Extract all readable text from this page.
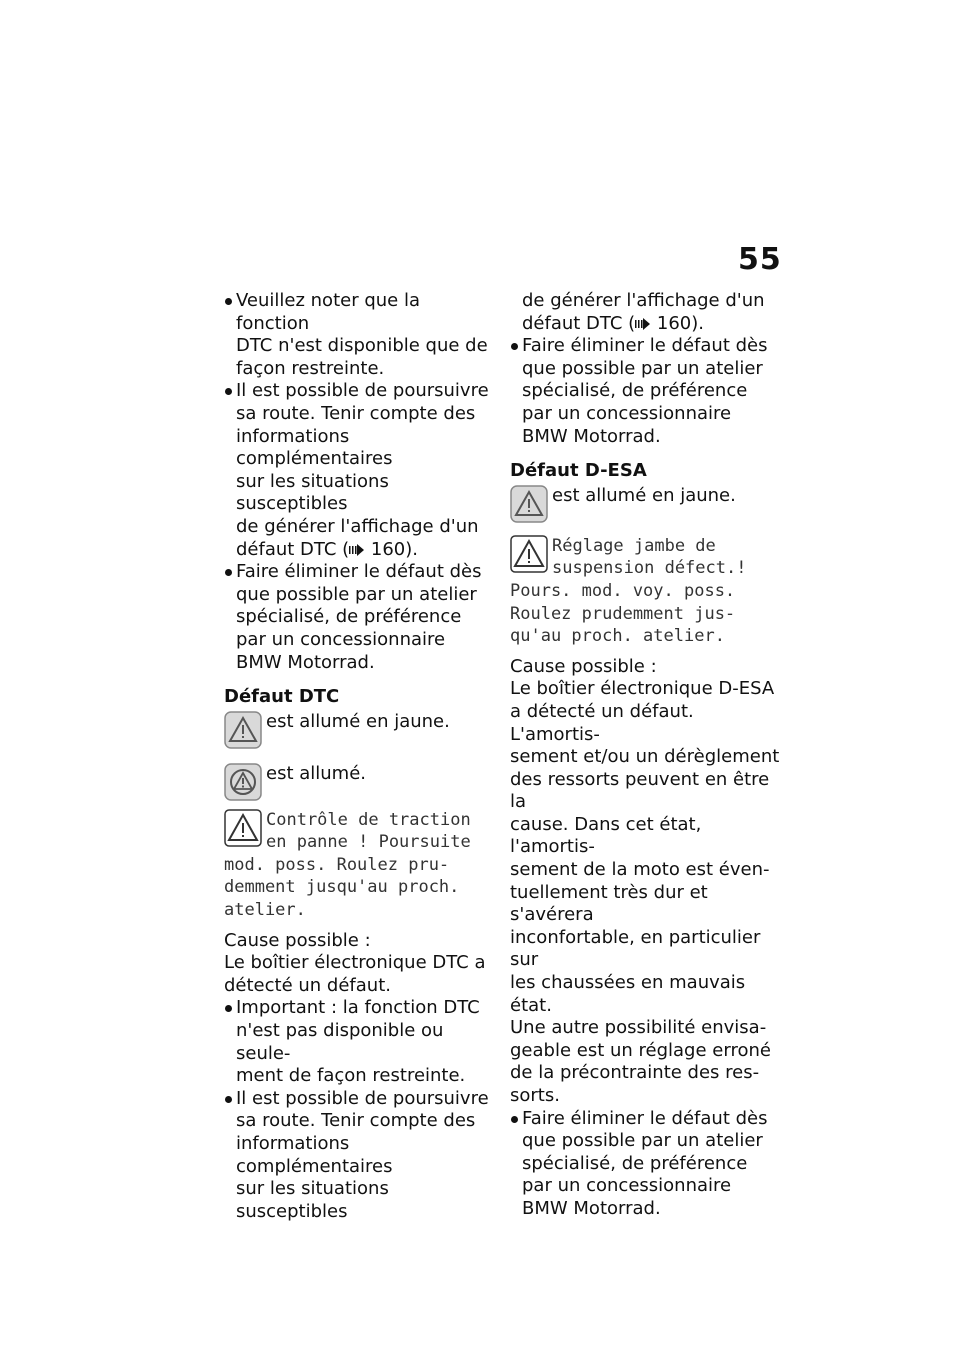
55
Veuillez noter que la fonction
DTC n'est disponible que de
façon restreinte.
Il est possible de poursuivre
sa route. Tenir compte des
informations complémentaires
sur les situations susceptibles
de générer l'affichage d'un
défaut DTC ( 160).
Faire éliminer le défaut dès
que possible par un atelier
spécialisé, de préférence
par un concessionnaire
BMW Motorrad.
Défaut DTC
est allumé en jaune.
est allumé.
Contrôle de traction
en panne ! Poursuite
mod. poss. Roulez pru-
demment jusqu'au proch.
atelier.
Cause possible :
Le boîtier électronique DTC a
détecté un défaut.
Important : la fonction DTC
n'est pas disponible ou seule-
ment de façon restreinte.
Il est possible de poursuivre
sa route. Tenir compte des
informations complémentaires
sur les situations susceptibles
de générer l'affichage d'un
défaut DTC ( 160).
Faire éliminer le défaut dès
que possible par un atelier
spécialisé, de préférence
par un concessionnaire
BMW Motorrad.
Défaut D-ESA
est allumé en jaune.
Réglage jambe de
suspension défect.!
Pours. mod. voy. poss.
Roulez prudemment jus-
qu'au proch. atelier.
Cause possible :
Le boîtier électronique D-ESA
a détecté un défaut. L'amortis-
sement et/ou un dérèglement
des ressorts peuvent en être la
cause. Dans cet état, l'amortis-
sement de la moto est éven-
tuellement très dur et s'avérera
inconfortable, en particulier sur
les chaussées en mauvais état.
Une autre possibilité envisa-
geable est un réglage erroné
de la précontrainte des res-
sorts.
Faire éliminer le défaut dès
que possible par un atelier
spécialisé, de préférence
par un concessionnaire
BMW Motorrad.
